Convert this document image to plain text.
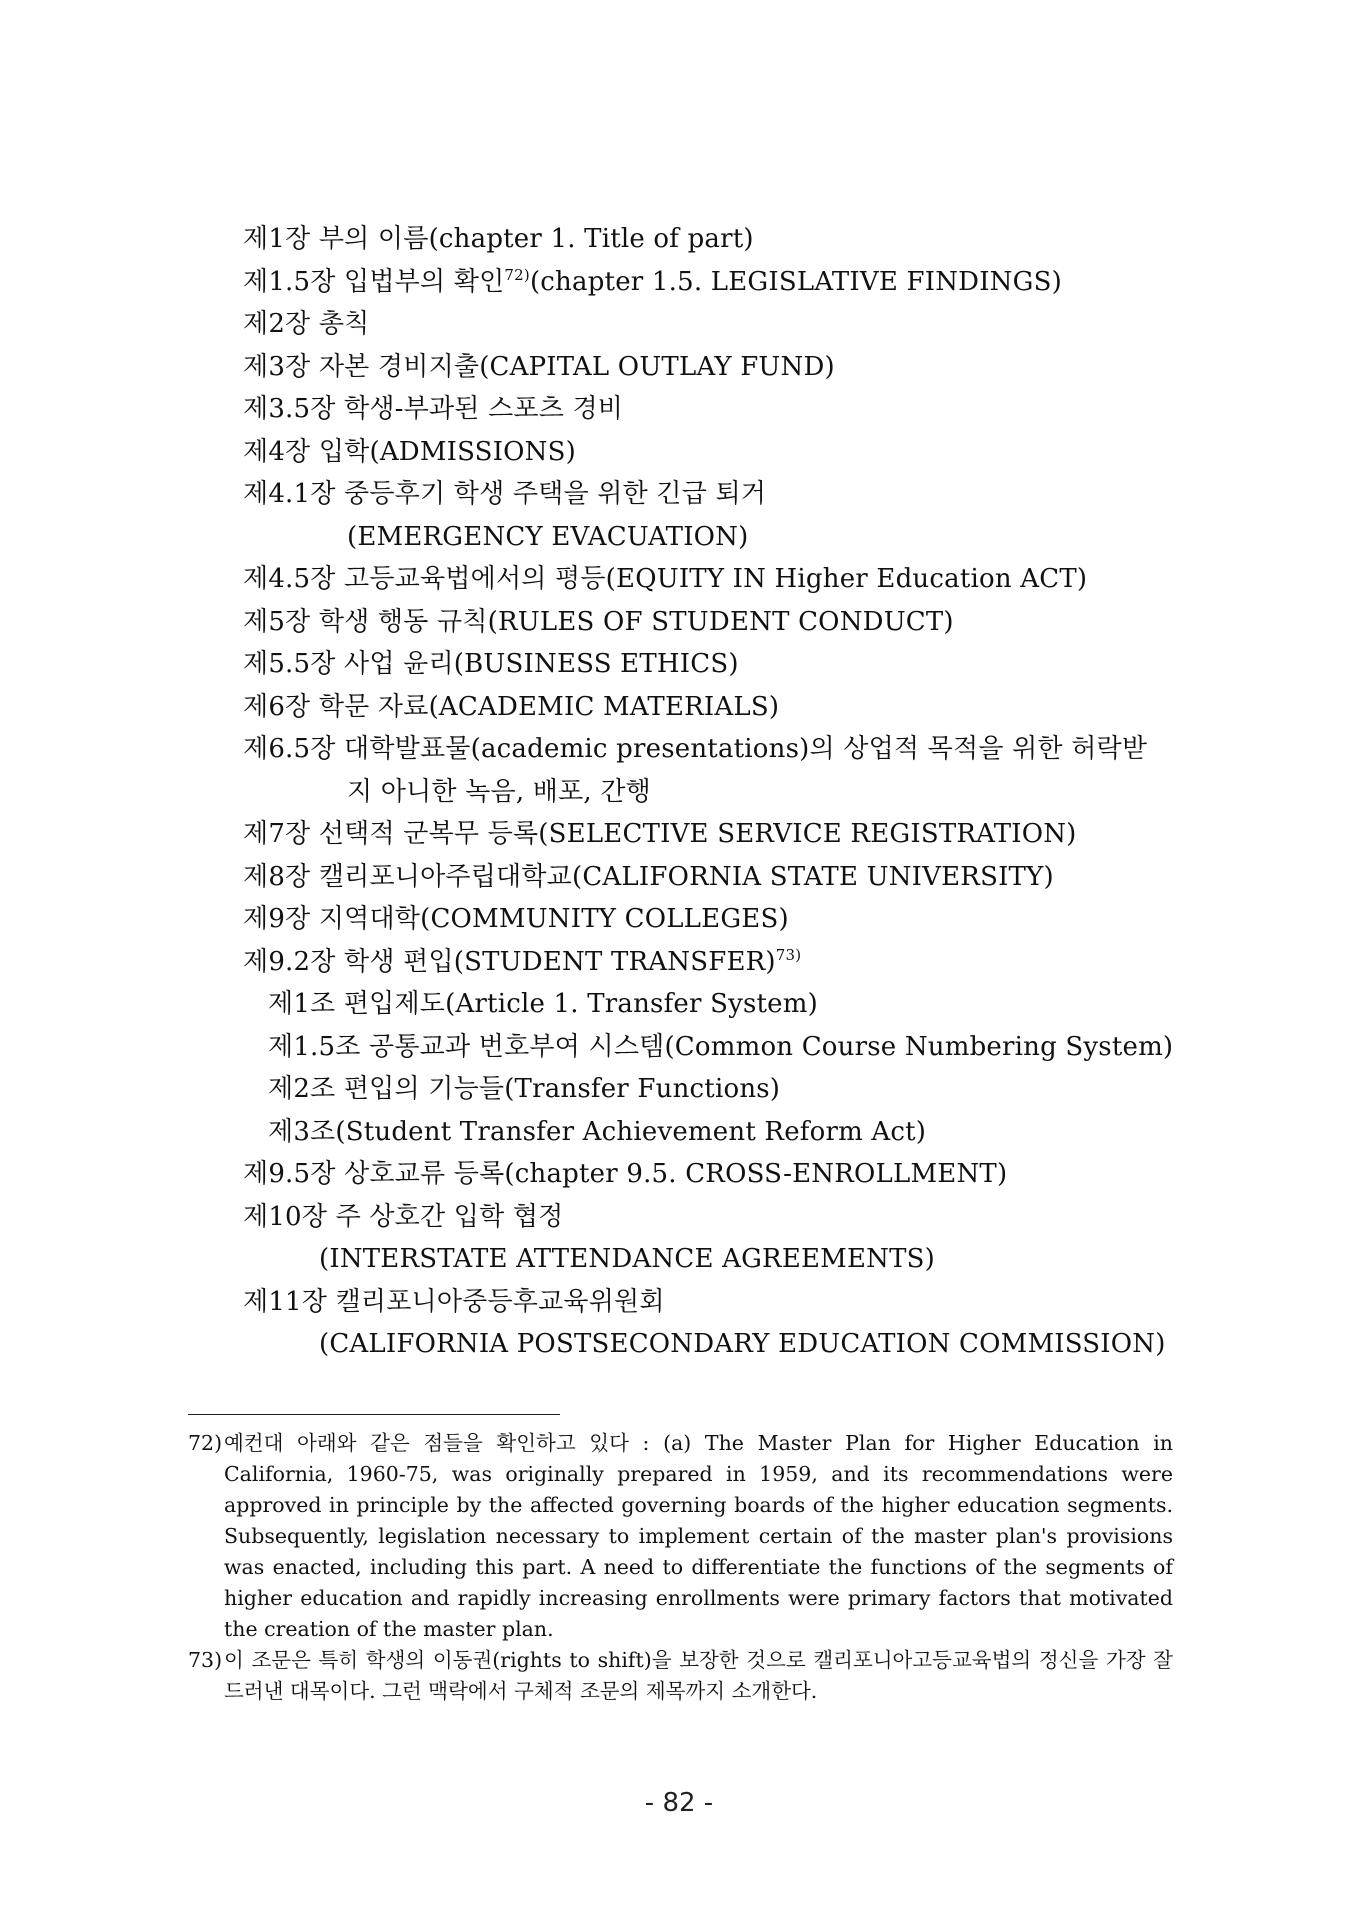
제1장 부의 이름(chapter 1. Title of part)
제1.5장 입법부의 확인$^{72)}$(chapter 1.5. LEGISLATIVE FINDINGS)
제2장 총칙
제3장 자본 경비지출(CAPITAL OUTLAY FUND)
제3.5장 학생-부과된 스포츠 경비
제4장 입학(ADMISSIONS)
제4.1장 중등후기 학생 주택을 위한 긴급 퇴거
(EMERGENCY EVACUATION)
제4.5장 고등교육법에서의 평등(EQUITY IN Higher Education ACT)
제5장 학생 행동 규칙(RULES OF STUDENT CONDUCT)
제5.5장 사업 윤리(BUSINESS ETHICS)
제6장 학문 자료(ACADEMIC MATERIALS)
제6.5장 대학발표물(academic presentations)의 상업적 목적을 위한 허락받
지 아니한 녹음, 배포, 간행
제7장 선택적 군복무 등록(SELECTIVE SERVICE REGISTRATION)
제8장 캘리포니아주립대학교(CALIFORNIA STATE UNIVERSITY)
제9장 지역대학(COMMUNITY COLLEGES)
제9.2장 학생 편입(STUDENT TRANSFER)$^{73)}$
제1조 편입제도(Article 1. Transfer System)
제1.5조 공통교과 번호부여 시스템(Common Course Numbering System)
제2조 편입의 기능들(Transfer Functions)
제3조(Student Transfer Achievement Reform Act)
제9.5장 상호교류 등록(chapter 9.5. CROSS-ENROLLMENT)
제10장 주 상호간 입학 협정
(INTERSTATE ATTENDANCE AGREEMENTS)
제11장 캘리포니아중등후교육위원회
(CALIFORNIA POSTSECONDARY EDUCATION COMMISSION)
72) 예컨대 아래와 같은 점들을 확인하고 있다 : (a) The Master Plan for Higher Education in California, 1960-75, was originally prepared in 1959, and its recommendations were approved in principle by the affected governing boards of the higher education segments. Subsequently, legislation necessary to implement certain of the master plan's provisions was enacted, including this part. A need to differentiate the functions of the segments of higher education and rapidly increasing enrollments were primary factors that motivated the creation of the master plan.
73) 이 조문은 특히 학생의 이동권(rights to shift)을 보장한 것으로 캘리포니아고등교육법의 정신을 가장 잘 드러낸 대목이다. 그런 맥락에서 구체적 조문의 제목까지 소개한다.
- 82 -
